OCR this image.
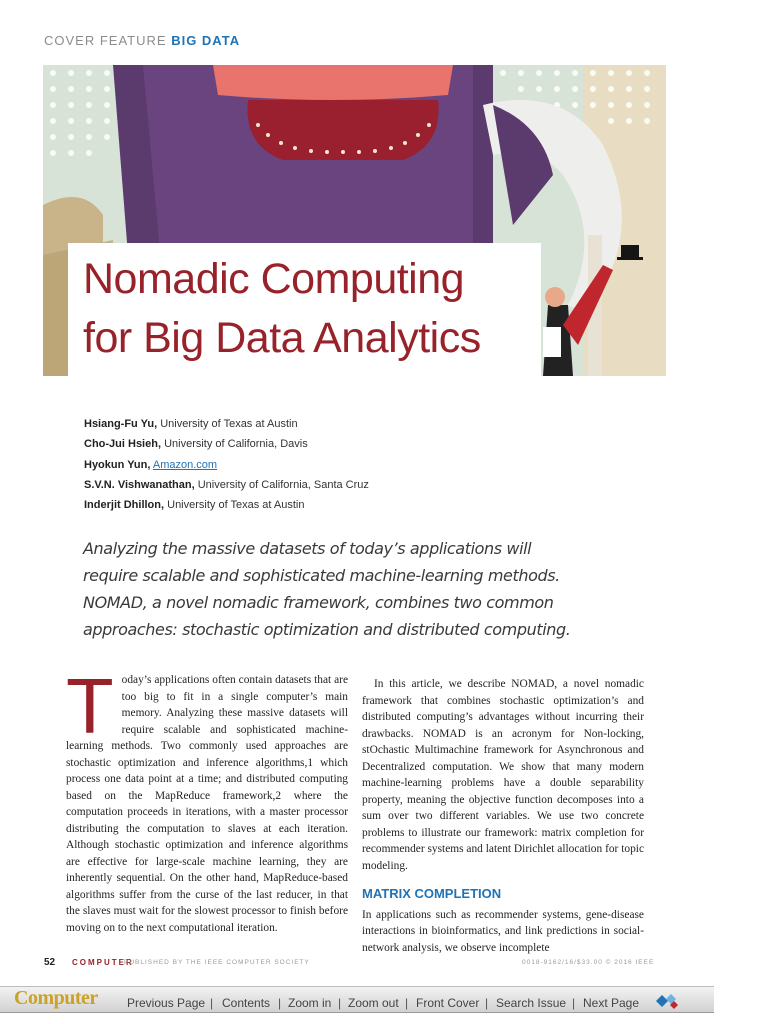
COVER FEATURE BIG DATA
Nomadic Computing
for Big Data Analytics
Hsiang-Fu Yu, University of Texas at Austin
Cho-Jui Hsieh, University of California, Davis
Hyokun Yun, Amazon.com
S.V.N. Vishwanathan, University of California, Santa Cruz
Inderjit Dhillon, University of Texas at Austin
Analyzing the massive datasets of today’s applications will
require scalable and sophisticated machine-learning methods.
NOMAD, a novel nomadic framework, combines two common
approaches: stochastic optimization and distributed computing.
T oday’s applications often contain datasets that are too big to fit in a single computer’s main memory. Analyzing these massive datasets will require scalable and sophisticated machine-learning methods. Two commonly used approaches are stochastic optimization and inference algorithms,1 which process one data point at a time; and distributed computing based on the MapReduce framework,2 where the computation proceeds in iterations, with a master processor distributing the computation to slaves at each iteration. Although stochastic optimization and inference algorithms are effective for large-scale machine learning, they are inherently sequential. On the other hand, MapReduce-based algorithms suffer from the curse of the last reducer, in that the slaves must wait for the slowest processor to finish before moving on to the next computational iteration.

In this article, we describe NOMAD, a novel nomadic framework that combines stochastic optimization’s and distributed computing’s advantages without incurring their drawbacks. NOMAD is an acronym for Non-locking, stOchastic Multimachine framework for Asynchronous and Decentralized computation. We show that many modern machine-learning problems have a double separability property, meaning the objective function decomposes into a sum over two different variables. We use two concrete problems to illustrate our framework: matrix completion for recommender systems and latent Dirichlet allocation for topic modeling.

MATRIX COMPLETION

In applications such as recommender systems, gene-disease interactions in bioinformatics, and link predictions in social-network analysis, we observe incomplete

52 COMPUTER
PUBLISHED BY THE IEEE COMPUTER SOCIETY	0018-9162/16/$33.00 © 2016 IEEE
Computer Previous Page | Contents | Zoom in | Zoom out | Front Cover | Search Issue | Next Page
